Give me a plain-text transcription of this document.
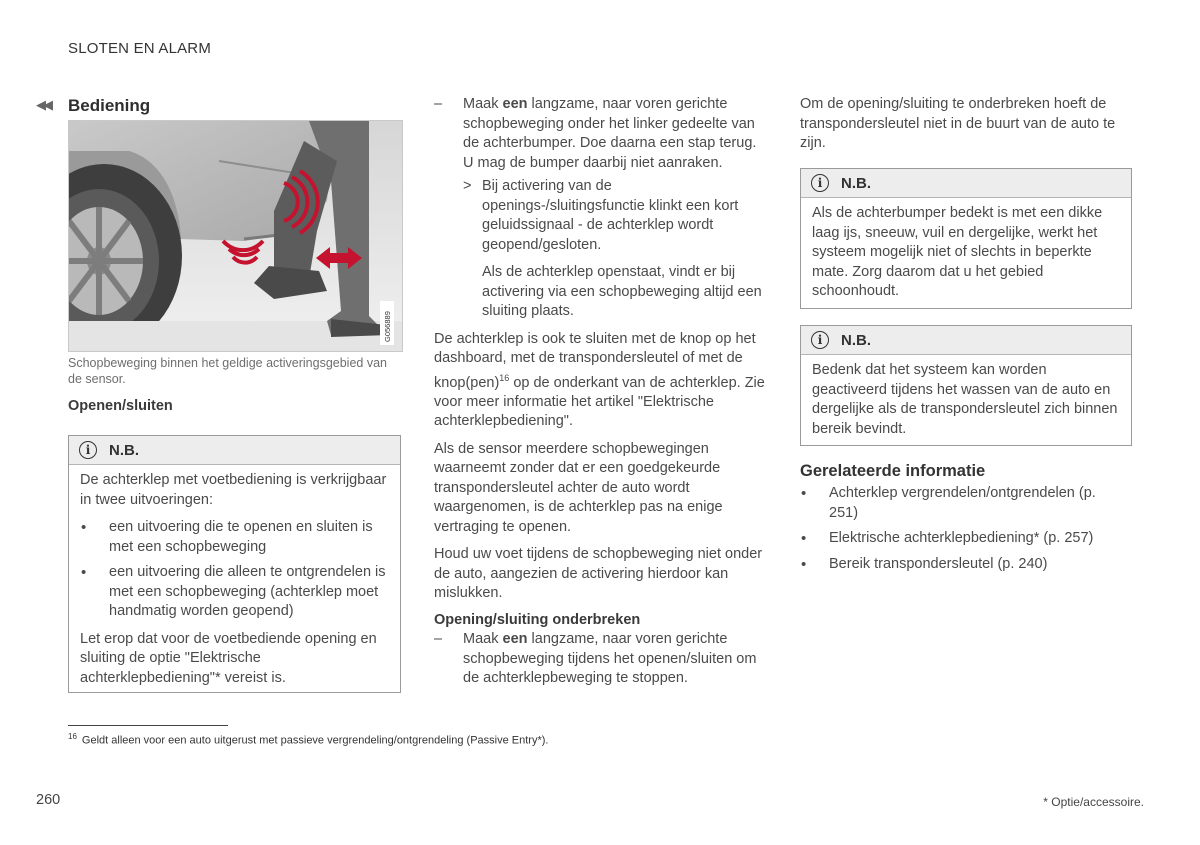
SLOTEN EN ALARM
◀◀ Bediening
G056889
Schopbeweging binnen het geldige activeringsgebied van de sensor.
Openen/sluiten
i	N.B.

De achterklep met voetbediening is verkrijgbaar in twee uitvoeringen:

• een uitvoering die te openen en sluiten is met een schopbeweging
• een uitvoering die alleen te ontgrendelen is met een schopbeweging (achterklep moet handmatig worden geopend)

Let erop dat voor de voetbediende opening en sluiting de optie "Elektrische achterklepbediening"* vereist is.

– Maak een langzame, naar voren gerichte schopbeweging onder het linker gedeelte van de achterbumper. Doe daarna een stap terug. U mag de bumper daarbij niet aanraken.
> Bij activering van de openings-/sluitingsfunctie klinkt een kort geluidssignaal - de achterklep wordt geopend/gesloten.

Als de achterklep openstaat, vindt er bij activering via een schopbeweging altijd een sluiting plaats.

De achterklep is ook te sluiten met de knop op het dashboard, met de transpondersleutel of met de knop(pen)$^{16}$ op de onderkant van de achterklep. Zie voor meer informatie het artikel "Elektrische achterklepbediening".

Als de sensor meerdere schopbewegingen waarneemt zonder dat er een goedgekeurde transpondersleutel achter de auto wordt waargenomen, is de achterklep pas na enige vertraging te openen.

Houd uw voet tijdens de schopbeweging niet onder de auto, aangezien de activering hierdoor kan mislukken.

Opening/sluiting onderbreken
– Maak een langzame, naar voren gerichte schopbeweging tijdens het openen/sluiten om de achterklepbeweging te stoppen.

Om de opening/sluiting te onderbreken hoeft de transpondersleutel niet in de buurt van de auto te zijn.

i	N.B.

Als de achterbumper bedekt is met een dikke laag ijs, sneeuw, vuil en dergelijke, werkt het systeem mogelijk niet of slechts in beperkte mate. Zorg daarom dat u het gebied schoonhoudt.

i	N.B.

Bedenk dat het systeem kan worden geactiveerd tijdens het wassen van de auto en dergelijke als de transpondersleutel zich binnen bereik bevindt.

Gerelateerde informatie
• Achterklep vergrendelen/ontgrendelen (p. 251)
• Elektrische achterklepbediening* (p. 257)
• Bereik transpondersleutel (p. 240)
$^{16}$ Geldt alleen voor een auto uitgerust met passieve vergrendeling/ontgrendeling (Passive Entry*).
260	* Optie/accessoire.
